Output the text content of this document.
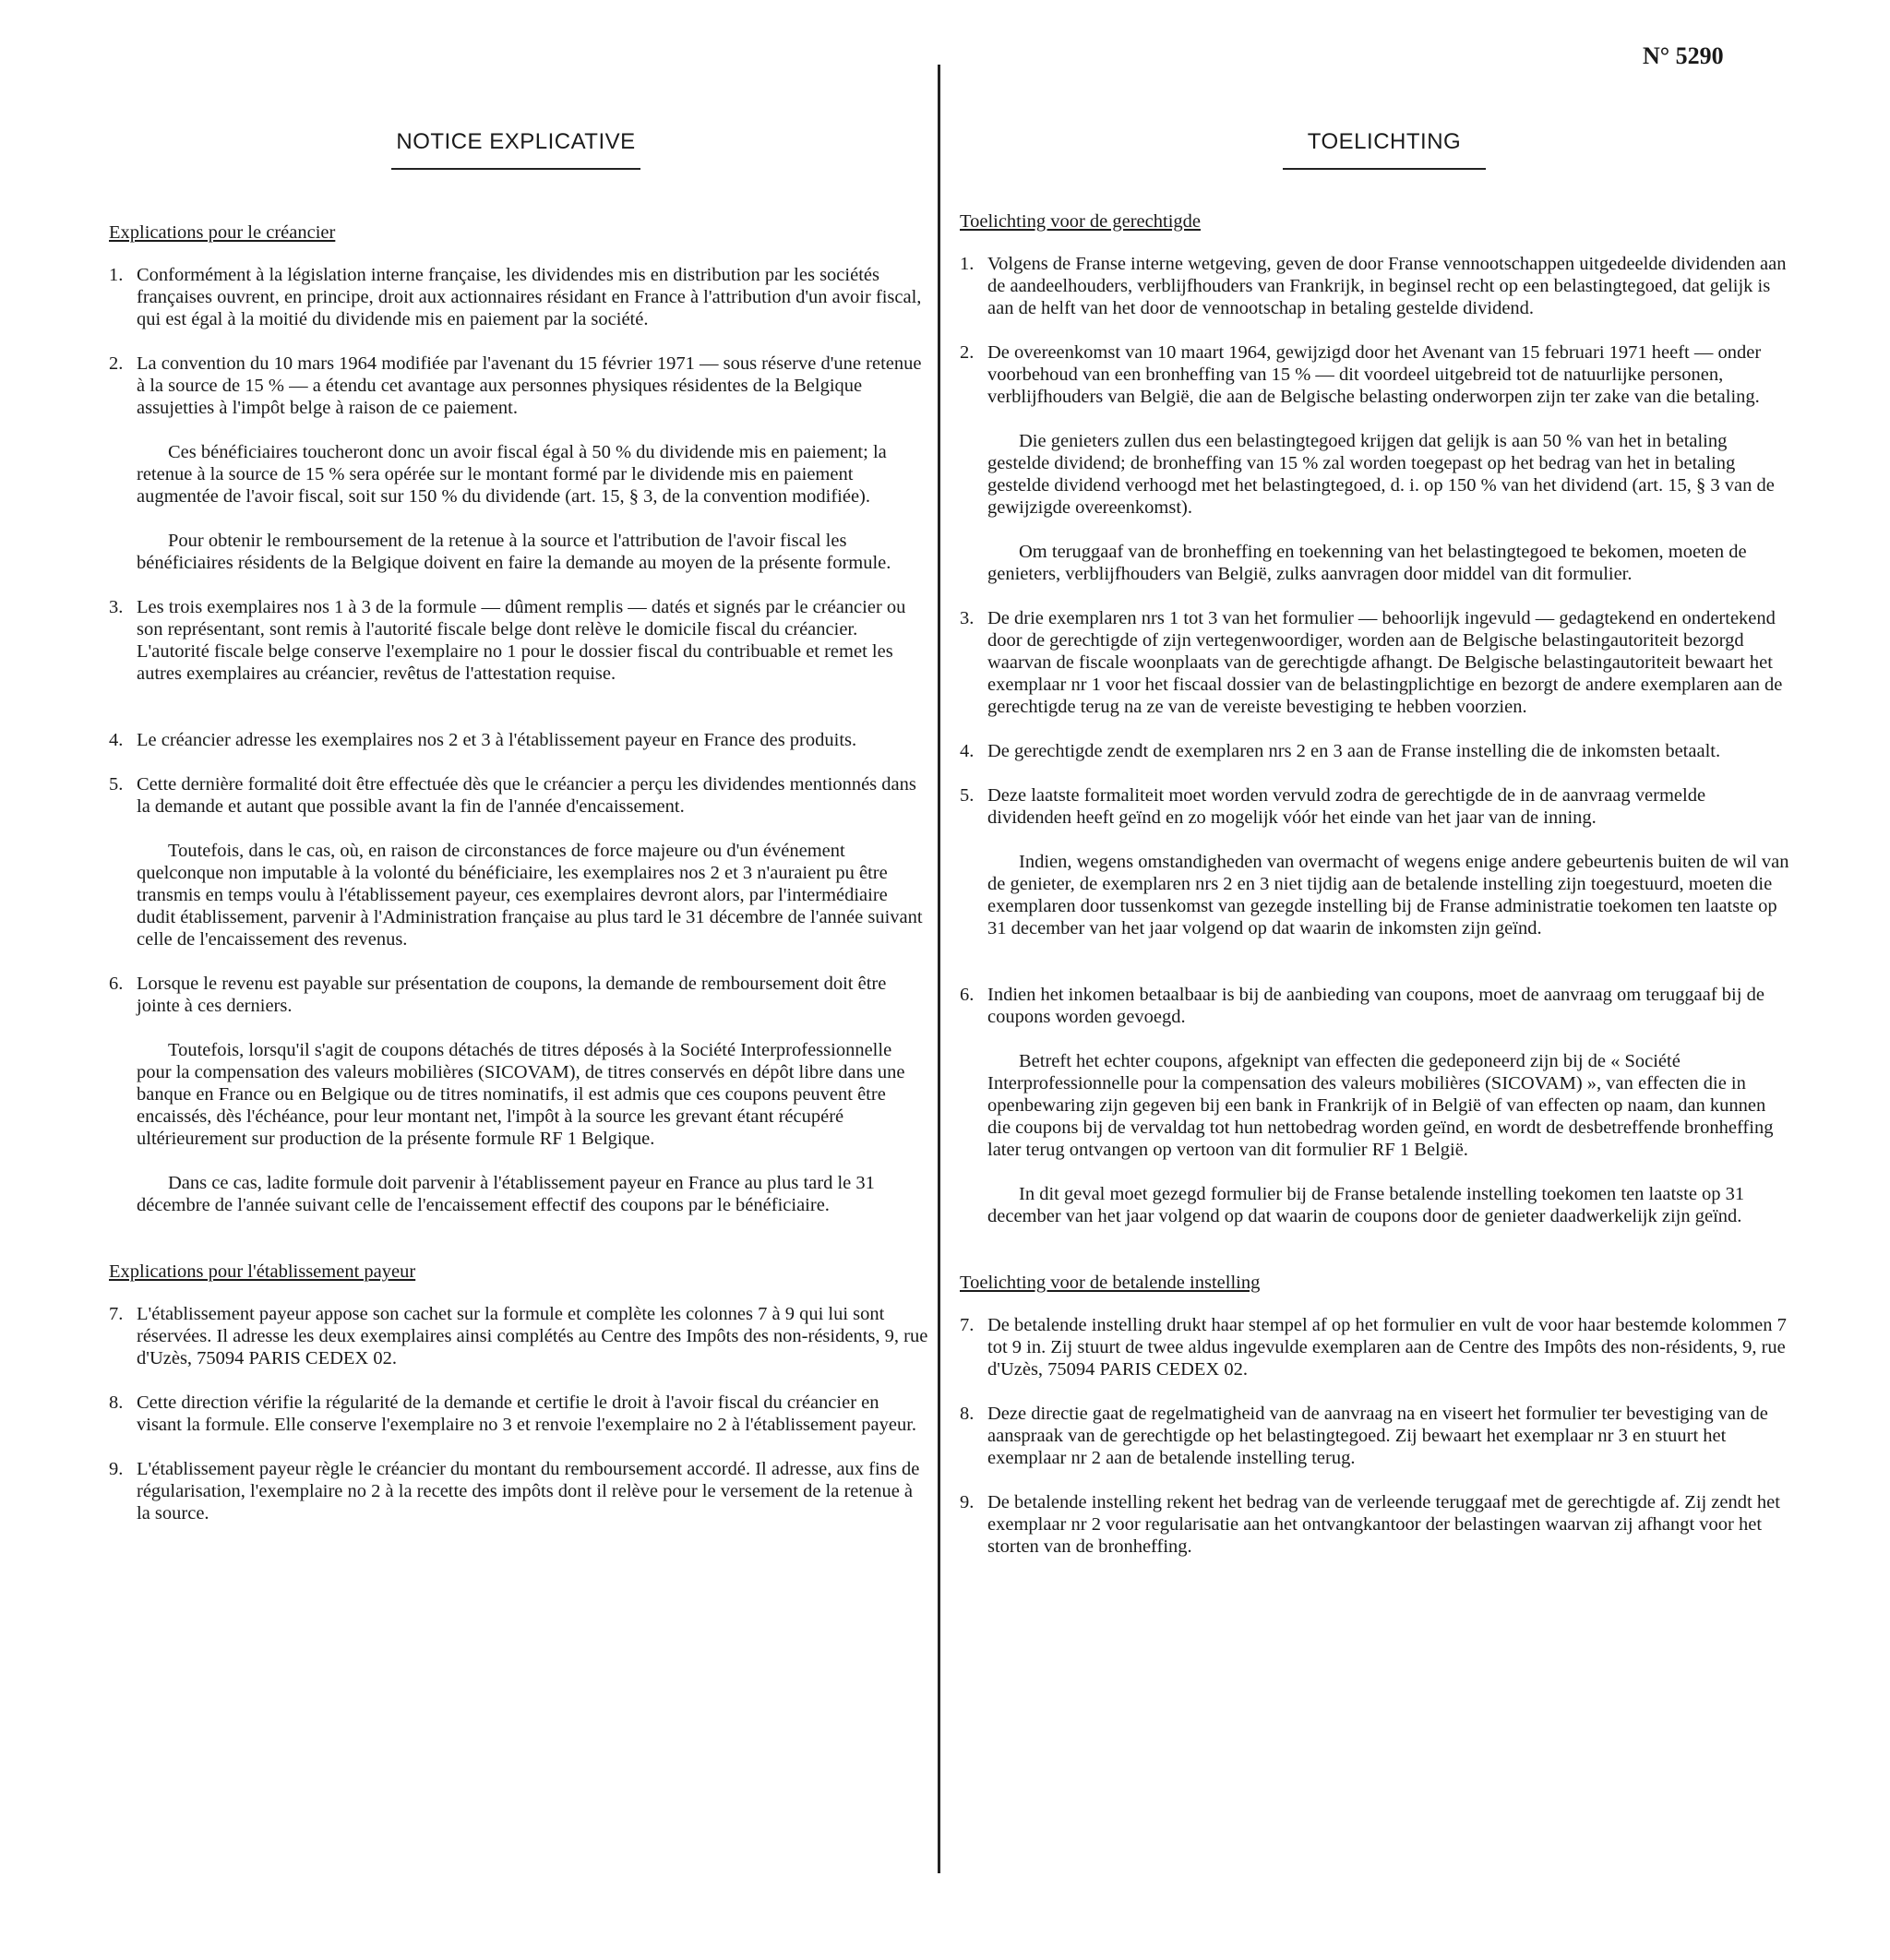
N° 5290
NOTICE EXPLICATIVE
Explications pour le créancier
1. Conformément à la législation interne française, les dividendes mis en distribution par les sociétés françaises ouvrent, en principe, droit aux actionnaires résidant en France à l'attribution d'un avoir fiscal, qui est égal à la moitié du dividende mis en paiement par la société.
2. La convention du 10 mars 1964 modifiée par l'avenant du 15 février 1971 — sous réserve d'une retenue à la source de 15 % — a étendu cet avantage aux personnes physiques résidentes de la Belgique assujetties à l'impôt belge à raison de ce paiement.
Ces bénéficiaires toucheront donc un avoir fiscal égal à 50 % du dividende mis en paiement; la retenue à la source de 15 % sera opérée sur le montant formé par le dividende mis en paiement augmentée de l'avoir fiscal, soit sur 150 % du dividende (art. 15, § 3, de la convention modifiée).
Pour obtenir le remboursement de la retenue à la source et l'attribution de l'avoir fiscal les bénéficiaires résidents de la Belgique doivent en faire la demande au moyen de la présente formule.
3. Les trois exemplaires nos 1 à 3 de la formule — dûment remplis — datés et signés par le créancier ou son représentant, sont remis à l'autorité fiscale belge dont relève le domicile fiscal du créancier. L'autorité fiscale belge conserve l'exemplaire no 1 pour le dossier fiscal du contribuable et remet les autres exemplaires au créancier, revêtus de l'attestation requise.
4. Le créancier adresse les exemplaires nos 2 et 3 à l'établissement payeur en France des produits.
5. Cette dernière formalité doit être effectuée dès que le créancier a perçu les dividendes mentionnés dans la demande et autant que possible avant la fin de l'année d'encaissement.
Toutefois, dans le cas, où, en raison de circonstances de force majeure ou d'un événement quelconque non imputable à la volonté du bénéficiaire, les exemplaires nos 2 et 3 n'auraient pu être transmis en temps voulu à l'établissement payeur, ces exemplaires devront alors, par l'intermédiaire dudit établissement, parvenir à l'Administration française au plus tard le 31 décembre de l'année suivant celle de l'encaissement des revenus.
6. Lorsque le revenu est payable sur présentation de coupons, la demande de remboursement doit être jointe à ces derniers.
Toutefois, lorsqu'il s'agit de coupons détachés de titres déposés à la Société Interprofessionnelle pour la compensation des valeurs mobilières (SICOVAM), de titres conservés en dépôt libre dans une banque en France ou en Belgique ou de titres nominatifs, il est admis que ces coupons peuvent être encaissés, dès l'échéance, pour leur montant net, l'impôt à la source les grevant étant récupéré ultérieurement sur production de la présente formule RF 1 Belgique.
Dans ce cas, ladite formule doit parvenir à l'établissement payeur en France au plus tard le 31 décembre de l'année suivant celle de l'encaissement effectif des coupons par le bénéficiaire.
Explications pour l'établissement payeur
7. L'établissement payeur appose son cachet sur la formule et complète les colonnes 7 à 9 qui lui sont réservées. Il adresse les deux exemplaires ainsi complétés au Centre des Impôts des non-résidents, 9, rue d'Uzès, 75094 PARIS CEDEX 02.
8. Cette direction vérifie la régularité de la demande et certifie le droit à l'avoir fiscal du créancier en visant la formule. Elle conserve l'exemplaire no 3 et renvoie l'exemplaire no 2 à l'établissement payeur.
9. L'établissement payeur règle le créancier du montant du remboursement accordé. Il adresse, aux fins de régularisation, l'exemplaire no 2 à la recette des impôts dont il relève pour le versement de la retenue à la source.
TOELICHTING
Toelichting voor de gerechtigde
1. Volgens de Franse interne wetgeving, geven de door Franse vennootschappen uitgedeelde dividenden aan de aandeelhouders, verblijfhouders van Frankrijk, in beginsel recht op een belastingtegoed, dat gelijk is aan de helft van het door de vennootschap in betaling gestelde dividend.
2. De overeenkomst van 10 maart 1964, gewijzigd door het Avenant van 15 februari 1971 heeft — onder voorbehoud van een bronheffing van 15 % — dit voordeel uitgebreid tot de natuurlijke personen, verblijfhouders van België, die aan de Belgische belasting onderworpen zijn ter zake van die betaling.
Die genieters zullen dus een belastingtegoed krijgen dat gelijk is aan 50 % van het in betaling gestelde dividend; de bronheffing van 15 % zal worden toegepast op het bedrag van het in betaling gestelde dividend verhoogd met het belastingtegoed, d. i. op 150 % van het dividend (art. 15, § 3 van de gewijzigde overeenkomst).
Om teruggaaf van de bronheffing en toekenning van het belastingtegoed te bekomen, moeten de genieters, verblijfhouders van België, zulks aanvragen door middel van dit formulier.
3. De drie exemplaren nrs 1 tot 3 van het formulier — behoorlijk ingevuld — gedagtekend en ondertekend door de gerechtigde of zijn vertegenwoordiger, worden aan de Belgische belastingautoriteit bezorgd waarvan de fiscale woonplaats van de gerechtigde afhangt. De Belgische belastingautoriteit bewaart het exemplaar nr 1 voor het fiscaal dossier van de belastingplichtige en bezorgt de andere exemplaren aan de gerechtigde terug na ze van de vereiste bevestiging te hebben voorzien.
4. De gerechtigde zendt de exemplaren nrs 2 en 3 aan de Franse instelling die de inkomsten betaalt.
5. Deze laatste formaliteit moet worden vervuld zodra de gerechtigde de in de aanvraag vermelde dividenden heeft geïnd en zo mogelijk vóór het einde van het jaar van de inning.
Indien, wegens omstandigheden van overmacht of wegens enige andere gebeurtenis buiten de wil van de genieter, de exemplaren nrs 2 en 3 niet tijdig aan de betalende instelling zijn toegestuurd, moeten die exemplaren door tussenkomst van gezegde instelling bij de Franse administratie toekomen ten laatste op 31 december van het jaar volgend op dat waarin de inkomsten zijn geïnd.
6. Indien het inkomen betaalbaar is bij de aanbieding van coupons, moet de aanvraag om teruggaaf bij de coupons worden gevoegd.
Betreft het echter coupons, afgeknipt van effecten die gedeponeerd zijn bij de « Société Interprofessionnelle pour la compensation des valeurs mobilières (SICOVAM) », van effecten die in openbewaring zijn gegeven bij een bank in Frankrijk of in België of van effecten op naam, dan kunnen die coupons bij de vervaldag tot hun nettobedrag worden geïnd, en wordt de desbetreffende bronheffing later terug ontvangen op vertoon van dit formulier RF 1 België.
In dit geval moet gezegd formulier bij de Franse betalende instelling toekomen ten laatste op 31 december van het jaar volgend op dat waarin de coupons door de genieter daadwerkelijk zijn geïnd.
Toelichting voor de betalende instelling
7. De betalende instelling drukt haar stempel af op het formulier en vult de voor haar bestemde kolommen 7 tot 9 in. Zij stuurt de twee aldus ingevulde exemplaren aan de Centre des Impôts des non-résidents, 9, rue d'Uzès, 75094 PARIS CEDEX 02.
8. Deze directie gaat de regelmatigheid van de aanvraag na en viseert het formulier ter bevestiging van de aanspraak van de gerechtigde op het belastingtegoed. Zij bewaart het exemplaar nr 3 en stuurt het exemplaar nr 2 aan de betalende instelling terug.
9. De betalende instelling rekent het bedrag van de verleende teruggaaf met de gerechtigde af. Zij zendt het exemplaar nr 2 voor regularisatie aan het ontvangkantoor der belastingen waarvan zij afhangt voor het storten van de bronheffing.
